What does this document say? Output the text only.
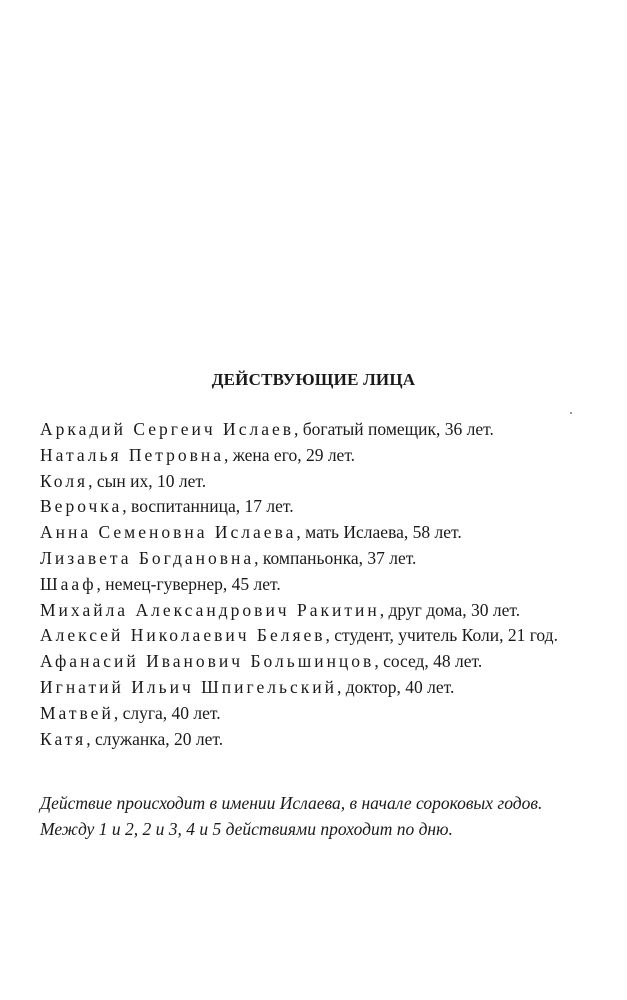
ДЕЙСТВУЮЩИЕ ЛИЦА
Аркадий Сергеич Ислаев, богатый помещик, 36 лет.
Наталья Петровна, жена его, 29 лет.
Коля, сын их, 10 лет.
Верочка, воспитанница, 17 лет.
Анна Семеновна Ислаева, мать Ислаева, 58 лет.
Лизавета Богдановна, компаньонка, 37 лет.
Шааф, немец-гувернер, 45 лет.
Михайла Александрович Ракитин, друг дома, 30 лет.
Алексей Николаевич Беляев, студент, учитель Коли, 21 год.
Афанасий Иванович Большинцов, сосед, 48 лет.
Игнатий Ильич Шпигельский, доктор, 40 лет.
Матвей, слуга, 40 лет.
Катя, служанка, 20 лет.

Действие происходит в имении Ислаева, в начале сороковых годов. Между 1 и 2, 2 и 3, 4 и 5 действиями проходит по дню.
